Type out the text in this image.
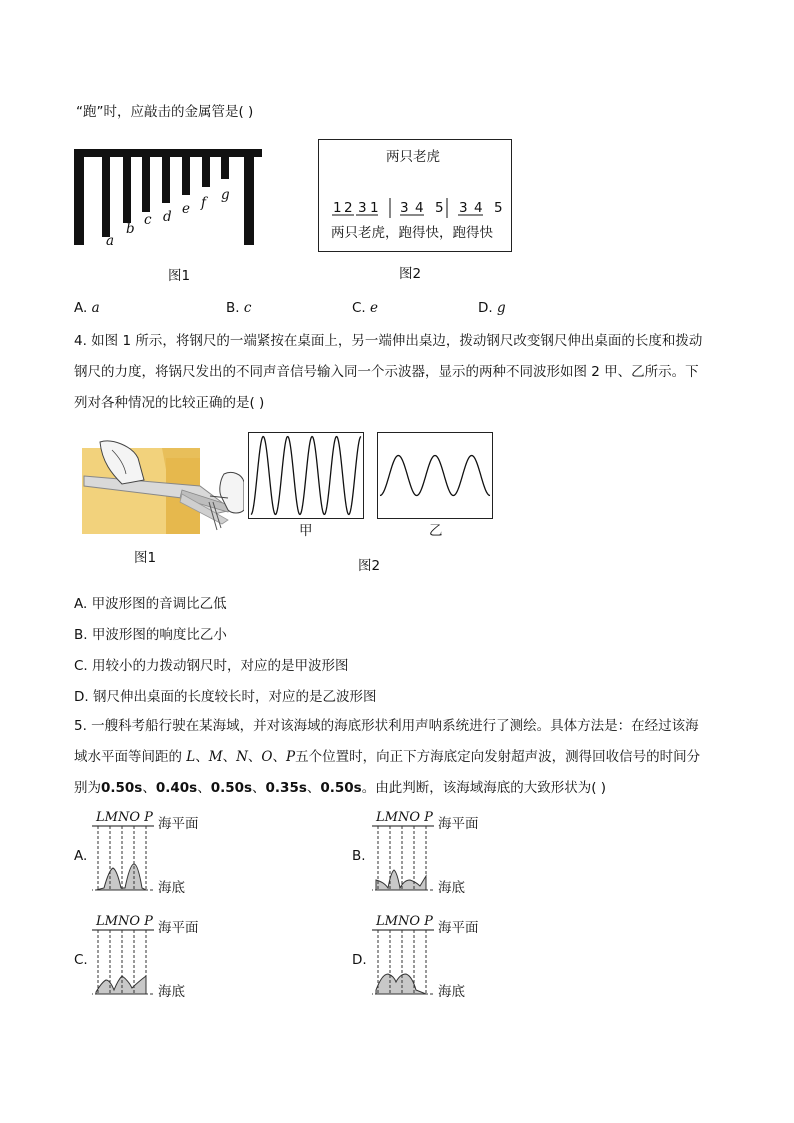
“跑”时，应敲击的金属管是( )
a
b
c d e f g
图1
两只老虎
1 2 3 1 3 4 5 3 4 5
两只老虎，跑得快，跑得快
图2
A. a	B. c	C. e	D. g
4. 如图 1 所示，将钢尺的一端紧按在桌面上，另一端伸出桌边，拨动钢尺改变钢尺伸出桌面的长度和拨动
钢尺的力度，将锅尺发出的不同声音信号输入同一个示波器，显示的两种不同波形如图 2 甲、乙所示。下
列对各种情况的比较正确的是( )
图1
甲	乙
图2
A. 甲波形图的音调比乙低
B. 甲波形图的响度比乙小
C. 用较小的力拨动钢尺时，对应的是甲波形图
D. 钢尺伸出桌面的长度较长时，对应的是乙波形图
5. 一艘科考船行驶在某海域，并对该海域的海底形状利用声呐系统进行了测绘。具体方法是：在经过该海
域水平面等间距的 L、M、N、O、P五个位置时，向正下方海底定向发射超声波，测得回收信号的时间分
别为0.50s、0.40s、0.50s、0.35s、0.50s。由此判断，该海域海底的大致形状为( )
A.	B.
C.	D.
LMNO P 海平面
海底
LMNO P 海平面
海底
LMNO P 海平面
海底
LMNO P 海平面
海底
